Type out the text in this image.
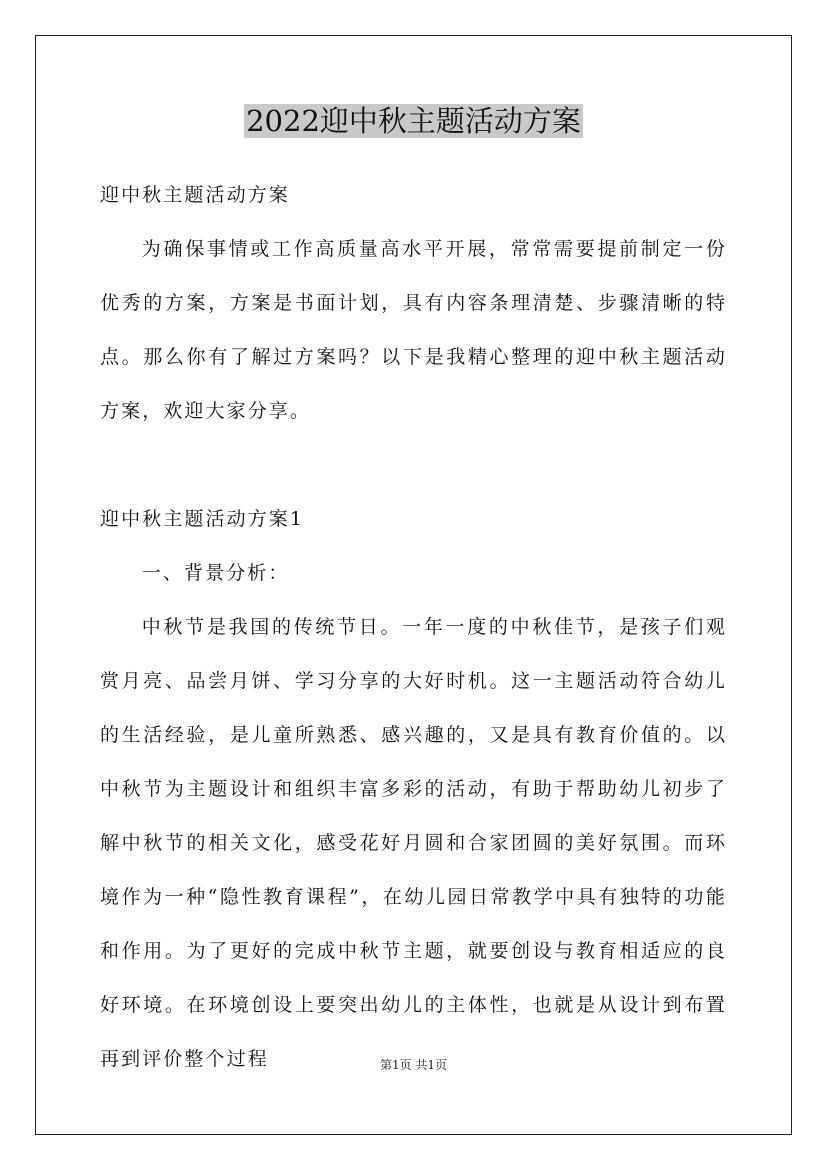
2022迎中秋主题活动方案

迎中秋主题活动方案

为确保事情或工作高质量高水平开展，常常需要提前制定一份优秀的方案，方案是书面计划，具有内容条理清楚、步骤清晰的特点。那么你有了解过方案吗？以下是我精心整理的迎中秋主题活动方案，欢迎大家分享。

迎中秋主题活动方案1

一、背景分析：

中秋节是我国的传统节日。一年一度的中秋佳节，是孩子们观赏月亮、品尝月饼、学习分享的大好时机。这一主题活动符合幼儿的生活经验，是儿童所熟悉、感兴趣的，又是具有教育价值的。以中秋节为主题设计和组织丰富多彩的活动，有助于帮助幼儿初步了解中秋节的相关文化，感受花好月圆和合家团圆的美好氛围。而环境作为一种“隐性教育课程”，在幼儿园日常教学中具有独特的功能和作用。为了更好的完成中秋节主题，就要创设与教育相适应的良好环境。在环境创设上要突出幼儿的主体性，也就是从设计到布置再到评价整个过程	第1页 共1页
